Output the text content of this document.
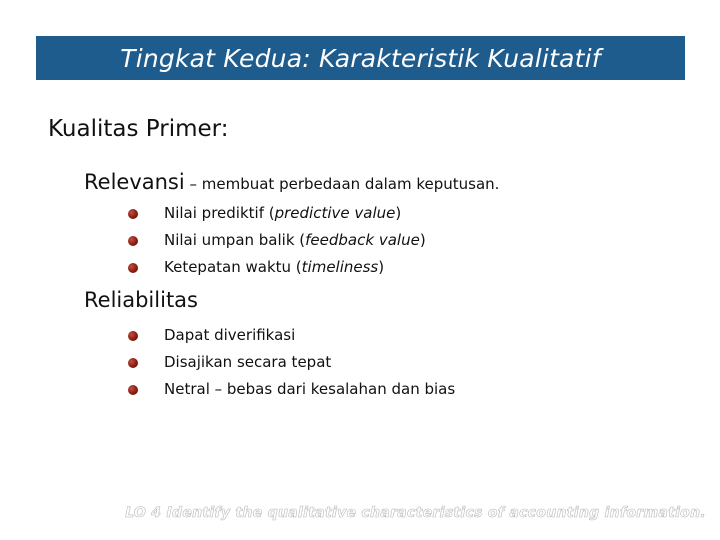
Tingkat Kedua: Karakteristik Kualitatif
Kualitas Primer:
Relevansi – membuat perbedaan dalam keputusan.
Nilai prediktif (predictive value)
Nilai umpan balik (feedback value)
Ketepatan waktu (timeliness)
Reliabilitas
Dapat diverifikasi
Disajikan secara tepat
Netral – bebas dari kesalahan dan bias
LO 4 Identify the qualitative characteristics of accounting information.
